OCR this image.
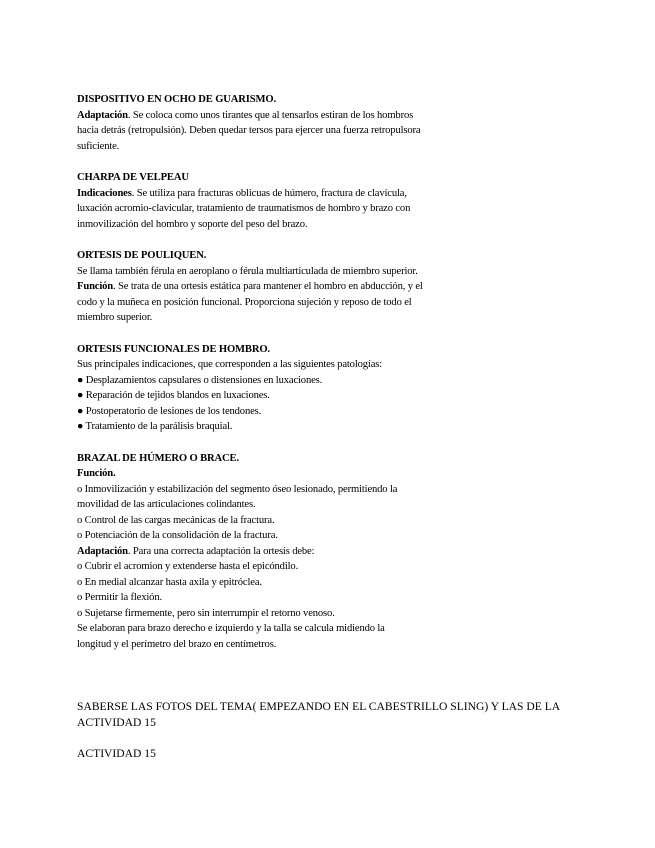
DISPOSITIVO EN OCHO DE GUARISMO.
Adaptación. Se coloca como unos tirantes que al tensarlos estiran de los hombros
hacia detrás (retropulsión). Deben quedar tersos para ejercer una fuerza retropulsora
suficiente.
CHARPA DE VELPEAU
Indicaciones. Se utiliza para fracturas oblicuas de húmero, fractura de clavícula,
luxación acromio-clavicular, tratamiento de traumatismos de hombro y brazo con
inmovilización del hombro y soporte del peso del brazo.
ORTESIS DE POULIQUEN.
Se llama también férula en aeroplano o férula multiarticulada de miembro superior.
Función. Se trata de una ortesis estática para mantener el hombro en abducción, y el
codo y la muñeca en posición funcional. Proporciona sujeción y reposo de todo el
miembro superior.
ORTESIS FUNCIONALES DE HOMBRO.
Sus principales indicaciones, que corresponden a las siguientes patologías:
● Desplazamientos capsulares o distensiones en luxaciones.
● Reparación de tejidos blandos en luxaciones.
● Postoperatorio de lesiones de los tendones.
● Tratamiento de la parálisis braquial.
BRAZAL DE HÚMERO O BRACE.
Función.
o Inmovilización y estabilización del segmento óseo lesionado, permitiendo la
movilidad de las articulaciones colindantes.
o Control de las cargas mecánicas de la fractura.
o Potenciación de la consolidación de la fractura.
Adaptación. Para una correcta adaptación la ortesis debe:
o Cubrir el acromion y extenderse hasta el epicóndilo.
o En medial alcanzar hasta axila y epitróclea.
o Permitir la flexión.
o Sujetarse firmemente, pero sin interrumpir el retorno venoso.
Se elaboran para brazo derecho e izquierdo y la talla se calcula midiendo la
longitud y el perímetro del brazo en centímetros.
SABERSE LAS FOTOS DEL TEMA( EMPEZANDO EN EL CABESTRILLO SLING) Y LAS DE LA ACTIVIDAD 15
ACTIVIDAD 15
